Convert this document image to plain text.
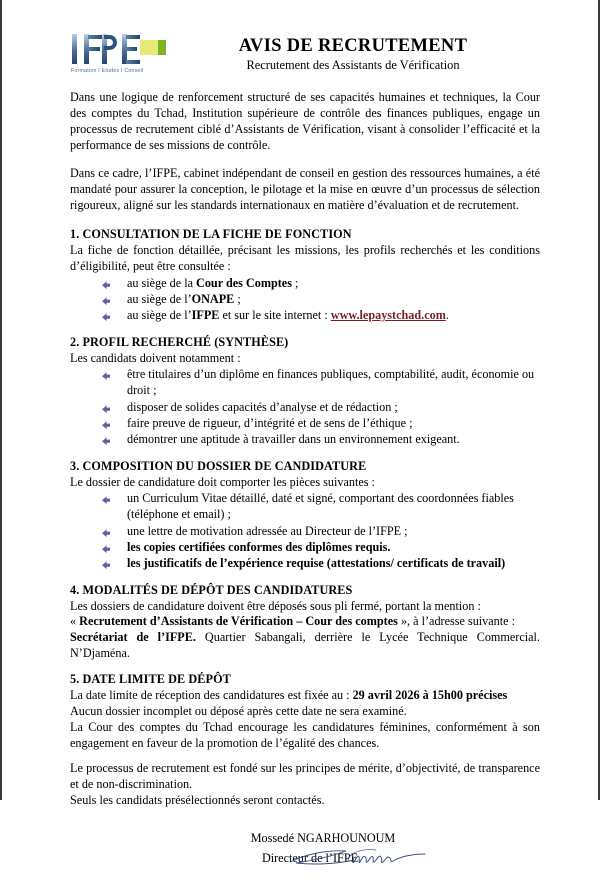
Formation I Etudes I Conseil
AVIS DE RECRUTEMENT

Recrutement des Assistants de Vérification

Dans une logique de renforcement structuré de ses capacités humaines et techniques, la Cour des comptes du Tchad, Institution supérieure de contrôle des finances publiques, engage un processus de recrutement ciblé d’Assistants de Vérification, visant à consolider l’efficacité et la performance de ses missions de contrôle.

Dans ce cadre, l’IFPE, cabinet indépendant de conseil en gestion des ressources humaines, a été mandaté pour assurer la conception, le pilotage et la mise en œuvre d’un processus de sélection rigoureux, aligné sur les standards internationaux en matière d’évaluation et de recrutement.

1. CONSULTATION DE LA FICHE DE FONCTION

La fiche de fonction détaillée, précisant les missions, les profils recherchés et les conditions d’éligibilité, peut être consultée :

au siège de la Cour des Comptes ;
au siège de l’ONAPE ;
au siège de l’IFPE et sur le site internet : www.lepaystchad.com.
2. PROFIL RECHERCHÉ (SYNTHÈSE)

Les candidats doivent notamment :

être titulaires d’un diplôme en finances publiques, comptabilité, audit, économie ou droit ;
disposer de solides capacités d’analyse et de rédaction ;
faire preuve de rigueur, d’intégrité et de sens de l’éthique ;
démontrer une aptitude à travailler dans un environnement exigeant.
3. COMPOSITION DU DOSSIER DE CANDIDATURE

Le dossier de candidature doit comporter les pièces suivantes :

un Curriculum Vitae détaillé, daté et signé, comportant des coordonnées fiables (téléphone et email) ;
une lettre de motivation adressée au Directeur de l’IFPE ;
les copies certifiées conformes des diplômes requis.
les justificatifs de l’expérience requise (attestations/ certificats de travail)
4. MODALITÉS DE DÉPÔT DES CANDIDATURES

Les dossiers de candidature doivent être déposés sous pli fermé, portant la mention :

« Recrutement d’Assistants de Vérification – Cour des comptes », à l’adresse suivante :

Secrétariat de l’IFPE. Quartier Sabangali, derrière le Lycée Technique Commercial. N’Djaména.

5. DATE LIMITE DE DÉPÔT

La date limite de réception des candidatures est fixée au : 29 avril 2026 à 15h00 précises

Aucun dossier incomplet ou déposé après cette date ne sera examiné.

La Cour des comptes du Tchad encourage les candidatures féminines, conformément à son engagement en faveur de la promotion de l’égalité des chances.

Le processus de recrutement est fondé sur les principes de mérite, d’objectivité, de transparence et de non-discrimination.

Seuls les candidats présélectionnés seront contactés.

Mossedé NGARHOUNOUM

Directeur de l’IFPE
